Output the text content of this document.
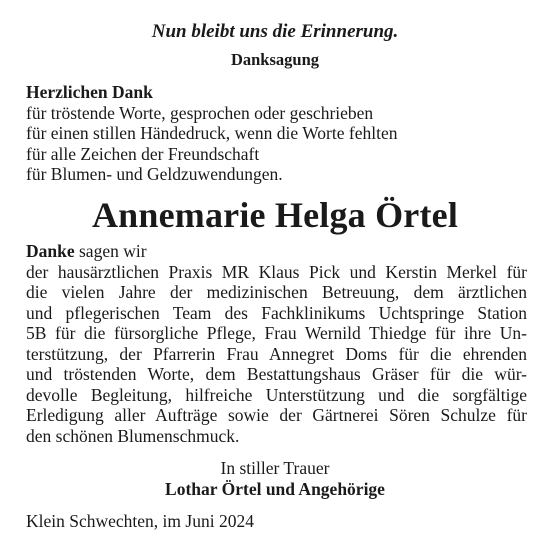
Nun bleibt uns die Erinnerung.
Danksagung
Herzlichen Dank
für tröstende Worte, gesprochen oder geschrieben
für einen stillen Händedruck, wenn die Worte fehlten
für alle Zeichen der Freundschaft
für Blumen- und Geldzuwendungen.
Annemarie Helga Örtel
Danke sagen wir
der hausärztlichen Praxis MR Klaus Pick und Kerstin Merkel für
die vielen Jahre der medizinischen Betreuung, dem ärztlichen
und pflegerischen Team des Fachklinikums Uchtspringe Station
5B für die fürsorgliche Pflege, Frau Wernild Thiedge für ihre Un-
terstützung, der Pfarrerin Frau Annegret Doms für die ehrenden
und tröstenden Worte, dem Bestattungshaus Gräser für die wür-
devolle Begleitung, hilfreiche Unterstützung und die sorgfältige
Erledigung aller Aufträge sowie der Gärtnerei Sören Schulze für
den schönen Blumenschmuck.
In stiller Trauer
Lothar Örtel und Angehörige
Klein Schwechten, im Juni 2024
